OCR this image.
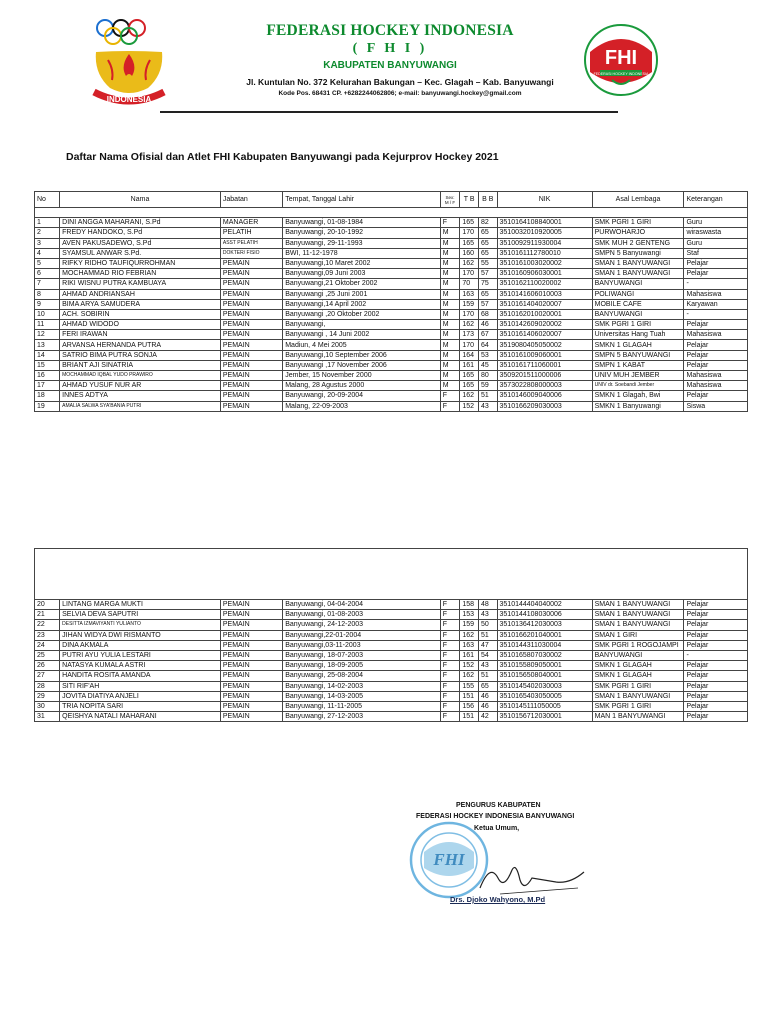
INDONESIA
FEDERASI HOCKEY INDONESIA
( F H I )
KABUPATEN BANYUWANGI
Jl. Kuntulan No. 372 Kelurahan Bakungan – Kec. Glagah – Kab. Banyuwangi
Kode Pos. 68431 CP. +6282244062806; e-mail: banyuwangi.hockey@gmail.com
FHI
FEDERASI HOCKEY INDONESIA
Daftar Nama Ofisial dan Atlet FHI Kabupaten Banyuwangi pada Kejurprov Hockey 2021
No	Nama	Jabatan	Tempat, Tanggal Lahir	Sex:
M / F	T B	B B	NIK	Asal Lembaga	Keterangan

1	DINI ANGGA MAHARANI, S.Pd	MANAGER	Banyuwangi, 01-08-1984	F	165	82	3510164108840001	SMK PGRI 1 GIRI	Guru
2	FREDY HANDOKO, S.Pd	PELATIH	Banyuwangi, 20-10-1992	M	170	65	3510032010920005	PURWOHARJO	wiraswasta
3	AVEN PAKUSADEWO, S.Pd	ASST PELATIH	Banyuwangi, 29-11-1993	M	165	65	3510092911930004	SMK MUH 2 GENTENG	Guru
4	SYAMSUL ANWAR S.Pd.	DOKTER/ FISIO	BWI, 11-12-1978	M	160	65	3510161112780010	SMPN 5 Banyuwangi	Staf
5	RIFKY RIDHO TAUFIQURROHMAN	PEMAIN	Banyuwangi,10 Maret 2002	M	162	55	3510161003020002	SMAN 1 BANYUWANGI	Pelajar
6	MOCHAMMAD RIO FEBRIAN	PEMAIN	Banyuwangi,09 Juni 2003	M	170	57	3510160906030001	SMAN 1 BANYUWANGI	Pelajar
7	RIKI WISNU PUTRA KAMBUAYA	PEMAIN	Banyuwangi,21 Oktober 2002	M	70	75	3510162110020002	BANYUWANGI	-
8	AHMAD ANDRIANSAH	PEMAIN	Banyuwangi ,25 Juni 2001	M	163	65	3510141606010003	POLIWANGI	Mahasiswa
9	BIMA ARYA SAMUDERA	PEMAIN	Banyuwangi,14 April 2002	M	159	57	3510161404020007	MOBILE CAFE	Karyawan
10	ACH. SOBIRIN	PEMAIN	Banyuwangi ,20 Oktober 2002	M	170	68	3510162010020001	BANYUWANGI	-
11	AHMAD WIDODO	PEMAIN	Banyuwangi,	M	162	46	3510142609020002	SMK PGRI 1 GIRI	Pelajar
12	FERI IRAWAN	PEMAIN	Banyuwangi , 14 Juni 2002	M	173	67	3510161406020007	Universitas Hang Tuah	Mahasiswa
13	ARVANSA HERNANDA PUTRA	PEMAIN	Madiun, 4 Mei 2005	M	170	64	3519080405050002	SMKN 1 GLAGAH	Pelajar
14	SATRIO BIMA PUTRA SONJA	PEMAIN	Banyuwangi,10 September 2006	M	164	53	3510161009060001	SMPN 5 BANYUWANGI	Pelajar
15	BRIANT AJI SINATRIA	PEMAIN	Banyuwangi ,17 November 2006	M	161	45	3510161711060001	SMPN 1 KABAT	Pelajar
16	MOCHAMMAD IQBAL YUDO PRAWIRO	PEMAIN	Jember, 15 November 2000	M	165	80	3509201511000006	UNIV MUH JEMBER	Mahasiswa
17	AHMAD YUSUF NUR AR	PEMAIN	Malang, 28 Agustus 2000	M	165	59	3573022808000003	UNIV dr. Soebandi Jember	Mahasiswa
18	INNES ADTYA	PEMAIN	Banyuwangi, 20-09-2004	F	162	51	3510146009040006	SMKN 1 Glagah, Bwi	Pelajar
19	AMALIA SALWA SYA'BANIA PUTRI	PEMAIN	Malang, 22-09-2003	F	152	43	3510166209030003	SMKN 1 Banyuwangi	Siswa
20	LINTANG MARGA MUKTI	PEMAIN	Banyuwangi, 04-04-2004	F	158	48	3510144404040002	SMAN 1 BANYUWANGI	Pelajar
21	SELVIA DEVA SAPUTRI	PEMAIN	Banyuwangi, 01-08-2003	F	153	43	3510144108030006	SMAN 1 BANYUWANGI	Pelajar
22	DESITTA IZMAVIYANTI YULIANTO	PEMAIN	Banyuwangi, 24-12-2003	F	159	50	3510136412030003	SMAN 1 BANYUWANGI	Pelajar
23	JIHAN WIDYA DWI RISMANTO	PEMAIN	Banyuwangi,22-01-2004	F	162	51	3510166201040001	SMAN 1 GIRI	Pelajar
24	DINA AKMALA	PEMAIN	Banyuwangi,03-11-2003	F	163	47	3510144311030004	SMK PGRI 1 ROGOJAMPI	Pelajar
25	PUTRI AYU YULIA LESTARI	PEMAIN	Banyuwangi, 18-07-2003	F	161	54	3510165807030002	BANYUWANGI	-
26	NATASYA KUMALA ASTRI	PEMAIN	Banyuwangi, 18-09-2005	F	152	43	3510155809050001	SMKN 1 GLAGAH	Pelajar
27	HANDITA ROSITA AMANDA	PEMAIN	Banyuwangi, 25-08-2004	F	162	51	3510156508040001	SMKN 1 GLAGAH	Pelajar
28	SITI RIF'AH	PEMAIN	Banyuwangi, 14-02-2003	F	155	65	3510145402030003	SMK PGRI 1 GIRI	Pelajar
29	JOVITA DIATIYA ANJELI	PEMAIN	Banyuwangi, 14-03-2005	F	151	46	3510165403050005	SMAN 1 BANYUWANGI	Pelajar
30	TRIA NOPITA SARI	PEMAIN	Banyuwangi, 11-11-2005	F	156	46	3510145111050005	SMK PGRI 1 GIRI	Pelajar
31	QEISHYA NATALI MAHARANI	PEMAIN	Banyuwangi, 27-12-2003	F	151	42	3510156712030001	MAN 1 BANYUWANGI	Pelajar
FHI
PENGURUS KABUPATEN
FEDERASI HOCKEY INDONESIA BANYUWANGI
Ketua Umum,
Drs. Djoko Wahyono, M.Pd
